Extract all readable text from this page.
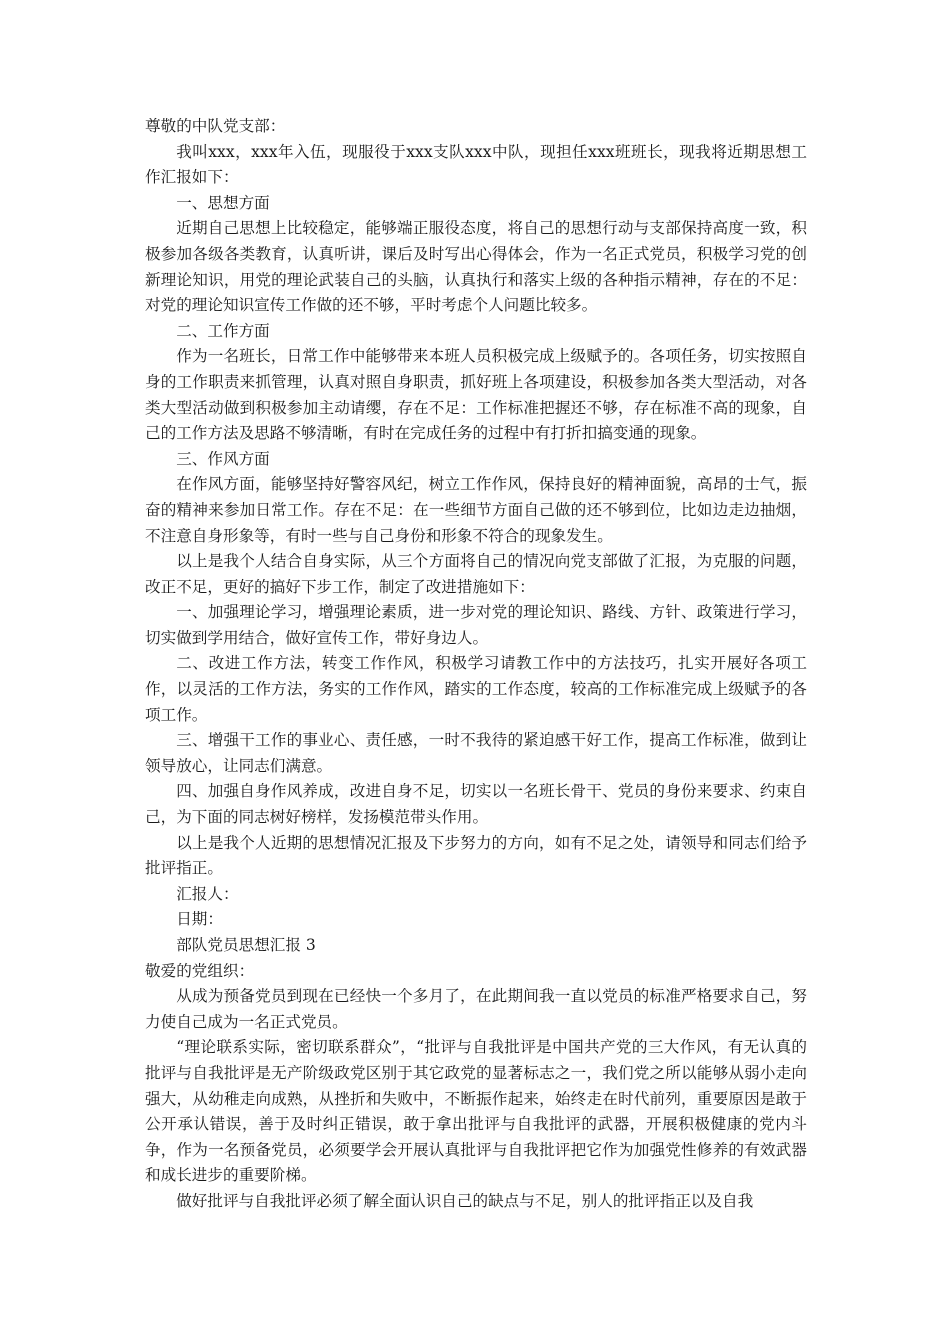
尊敬的中队党支部：

我叫xxx，xxx年入伍，现服役于xxx支队xxx中队，现担任xxx班班长，现我将近期思想工作汇报如下：

一、思想方面

近期自己思想上比较稳定，能够端正服役态度，将自己的思想行动与支部保持高度一致，积极参加各级各类教育，认真听讲，课后及时写出心得体会，作为一名正式党员，积极学习党的创新理论知识，用党的理论武装自己的头脑，认真执行和落实上级的各种指示精神，存在的不足：对党的理论知识宣传工作做的还不够，平时考虑个人问题比较多。

二、工作方面

作为一名班长，日常工作中能够带来本班人员积极完成上级赋予的。各项任务，切实按照自身的工作职责来抓管理，认真对照自身职责，抓好班上各项建设，积极参加各类大型活动，对各类大型活动做到积极参加主动请缨，存在不足：工作标准把握还不够，存在标准不高的现象，自己的工作方法及思路不够清晰，有时在完成任务的过程中有打折扣搞变通的现象。

三、作风方面

在作风方面，能够坚持好警容风纪，树立工作作风，保持良好的精神面貌，高昂的士气，振奋的精神来参加日常工作。存在不足：在一些细节方面自己做的还不够到位，比如边走边抽烟，不注意自身形象等，有时一些与自己身份和形象不符合的现象发生。

以上是我个人结合自身实际，从三个方面将自己的情况向党支部做了汇报，为克服的问题，改正不足，更好的搞好下步工作，制定了改进措施如下：

一、加强理论学习，增强理论素质，进一步对党的理论知识、路线、方针、政策进行学习，切实做到学用结合，做好宣传工作，带好身边人。

二、改进工作方法，转变工作作风，积极学习请教工作中的方法技巧，扎实开展好各项工作，以灵活的工作方法，务实的工作作风，踏实的工作态度，较高的工作标准完成上级赋予的各项工作。

三、增强干工作的事业心、责任感，一时不我待的紧迫感干好工作，提高工作标准，做到让领导放心，让同志们满意。

四、加强自身作风养成，改进自身不足，切实以一名班长骨干、党员的身份来要求、约束自己，为下面的同志树好榜样，发扬模范带头作用。

以上是我个人近期的思想情况汇报及下步努力的方向，如有不足之处，请领导和同志们给予批评指正。

汇报人：

日期：

部队党员思想汇报 3

敬爱的党组织：

从成为预备党员到现在已经快一个多月了，在此期间我一直以党员的标准严格要求自己，努力使自己成为一名正式党员。

“理论联系实际，密切联系群众”，“批评与自我批评是中国共产党的三大作风，有无认真的批评与自我批评是无产阶级政党区别于其它政党的显著标志之一，我们党之所以能够从弱小走向强大，从幼稚走向成熟，从挫折和失败中，不断振作起来，始终走在时代前列，重要原因是敢于公开承认错误，善于及时纠正错误，敢于拿出批评与自我批评的武器，开展积极健康的党内斗争，作为一名预备党员，必须要学会开展认真批评与自我批评把它作为加强党性修养的有效武器和成长进步的重要阶梯。

做好批评与自我批评必须了解全面认识自己的缺点与不足，别人的批评指正以及自我
